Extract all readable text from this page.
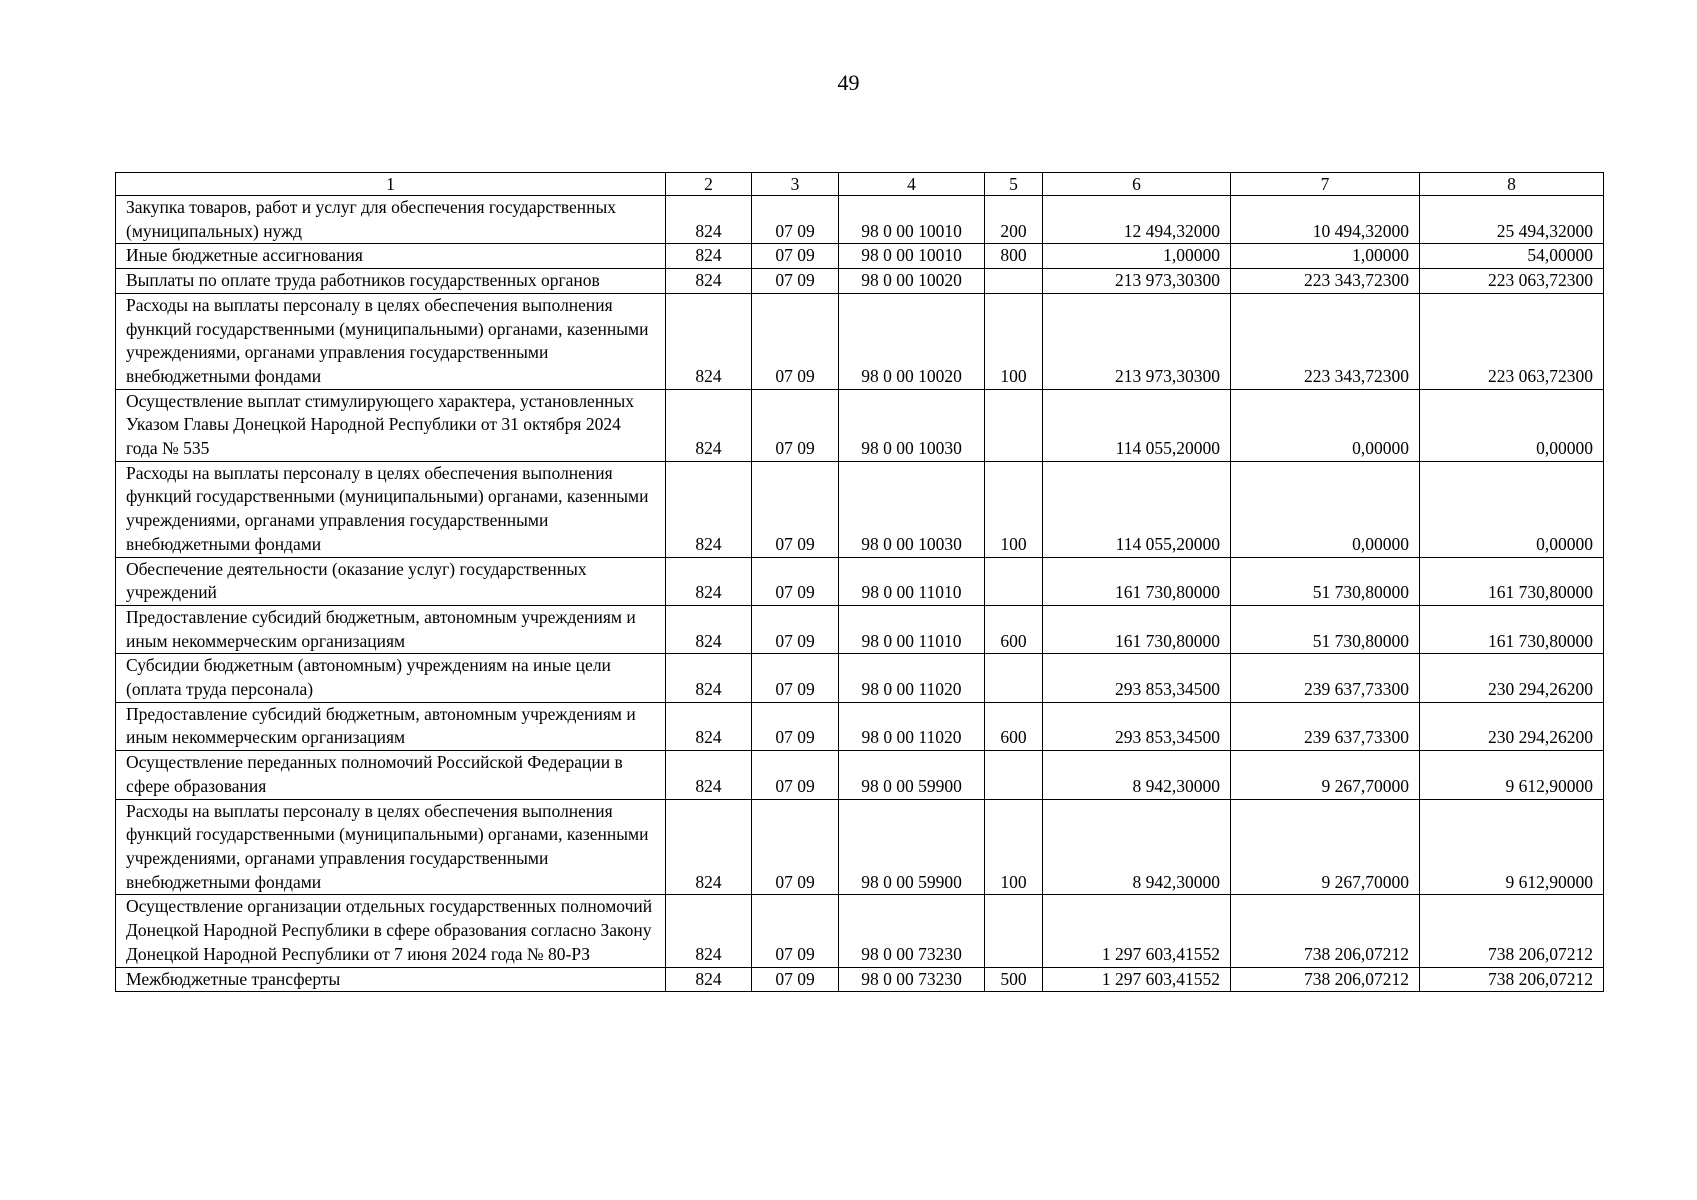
49
1	2	3	4	5	6	7	8
Закупка товаров, работ и услуг для обеспечения государственных (муниципальных) нужд	824	07 09	98 0 00 10010	200	12 494,32000	10 494,32000	25 494,32000
Иные бюджетные ассигнования	824	07 09	98 0 00 10010	800	1,00000	1,00000	54,00000
Выплаты по оплате труда работников государственных органов	824	07 09	98 0 00 10020		213 973,30300	223 343,72300	223 063,72300
Расходы на выплаты персоналу в целях обеспечения выполнения функций государственными (муниципальными) органами, казенными учреждениями, органами управления государственными внебюджетными фондами	824	07 09	98 0 00 10020	100	213 973,30300	223 343,72300	223 063,72300
Осуществление выплат стимулирующего характера, установленных Указом Главы Донецкой Народной Республики от 31 октября 2024 года № 535	824	07 09	98 0 00 10030		114 055,20000	0,00000	0,00000
Расходы на выплаты персоналу в целях обеспечения выполнения функций государственными (муниципальными) органами, казенными учреждениями, органами управления государственными внебюджетными фондами	824	07 09	98 0 00 10030	100	114 055,20000	0,00000	0,00000
Обеспечение деятельности (оказание услуг) государственных учреждений	824	07 09	98 0 00 11010		161 730,80000	51 730,80000	161 730,80000
Предоставление субсидий бюджетным, автономным учреждениям и иным некоммерческим организациям	824	07 09	98 0 00 11010	600	161 730,80000	51 730,80000	161 730,80000
Субсидии бюджетным (автономным) учреждениям на иные цели (оплата труда персонала)	824	07 09	98 0 00 11020		293 853,34500	239 637,73300	230 294,26200
Предоставление субсидий бюджетным, автономным учреждениям и иным некоммерческим организациям	824	07 09	98 0 00 11020	600	293 853,34500	239 637,73300	230 294,26200
Осуществление переданных полномочий Российской Федерации в сфере образования	824	07 09	98 0 00 59900		8 942,30000	9 267,70000	9 612,90000
Расходы на выплаты персоналу в целях обеспечения выполнения функций государственными (муниципальными) органами, казенными учреждениями, органами управления государственными внебюджетными фондами	824	07 09	98 0 00 59900	100	8 942,30000	9 267,70000	9 612,90000
Осуществление организации отдельных государственных полномочий Донецкой Народной Республики в сфере образования согласно Закону Донецкой Народной Республики от 7 июня 2024 года № 80-РЗ	824	07 09	98 0 00 73230		1 297 603,41552	738 206,07212	738 206,07212
Межбюджетные трансферты	824	07 09	98 0 00 73230	500	1 297 603,41552	738 206,07212	738 206,07212
